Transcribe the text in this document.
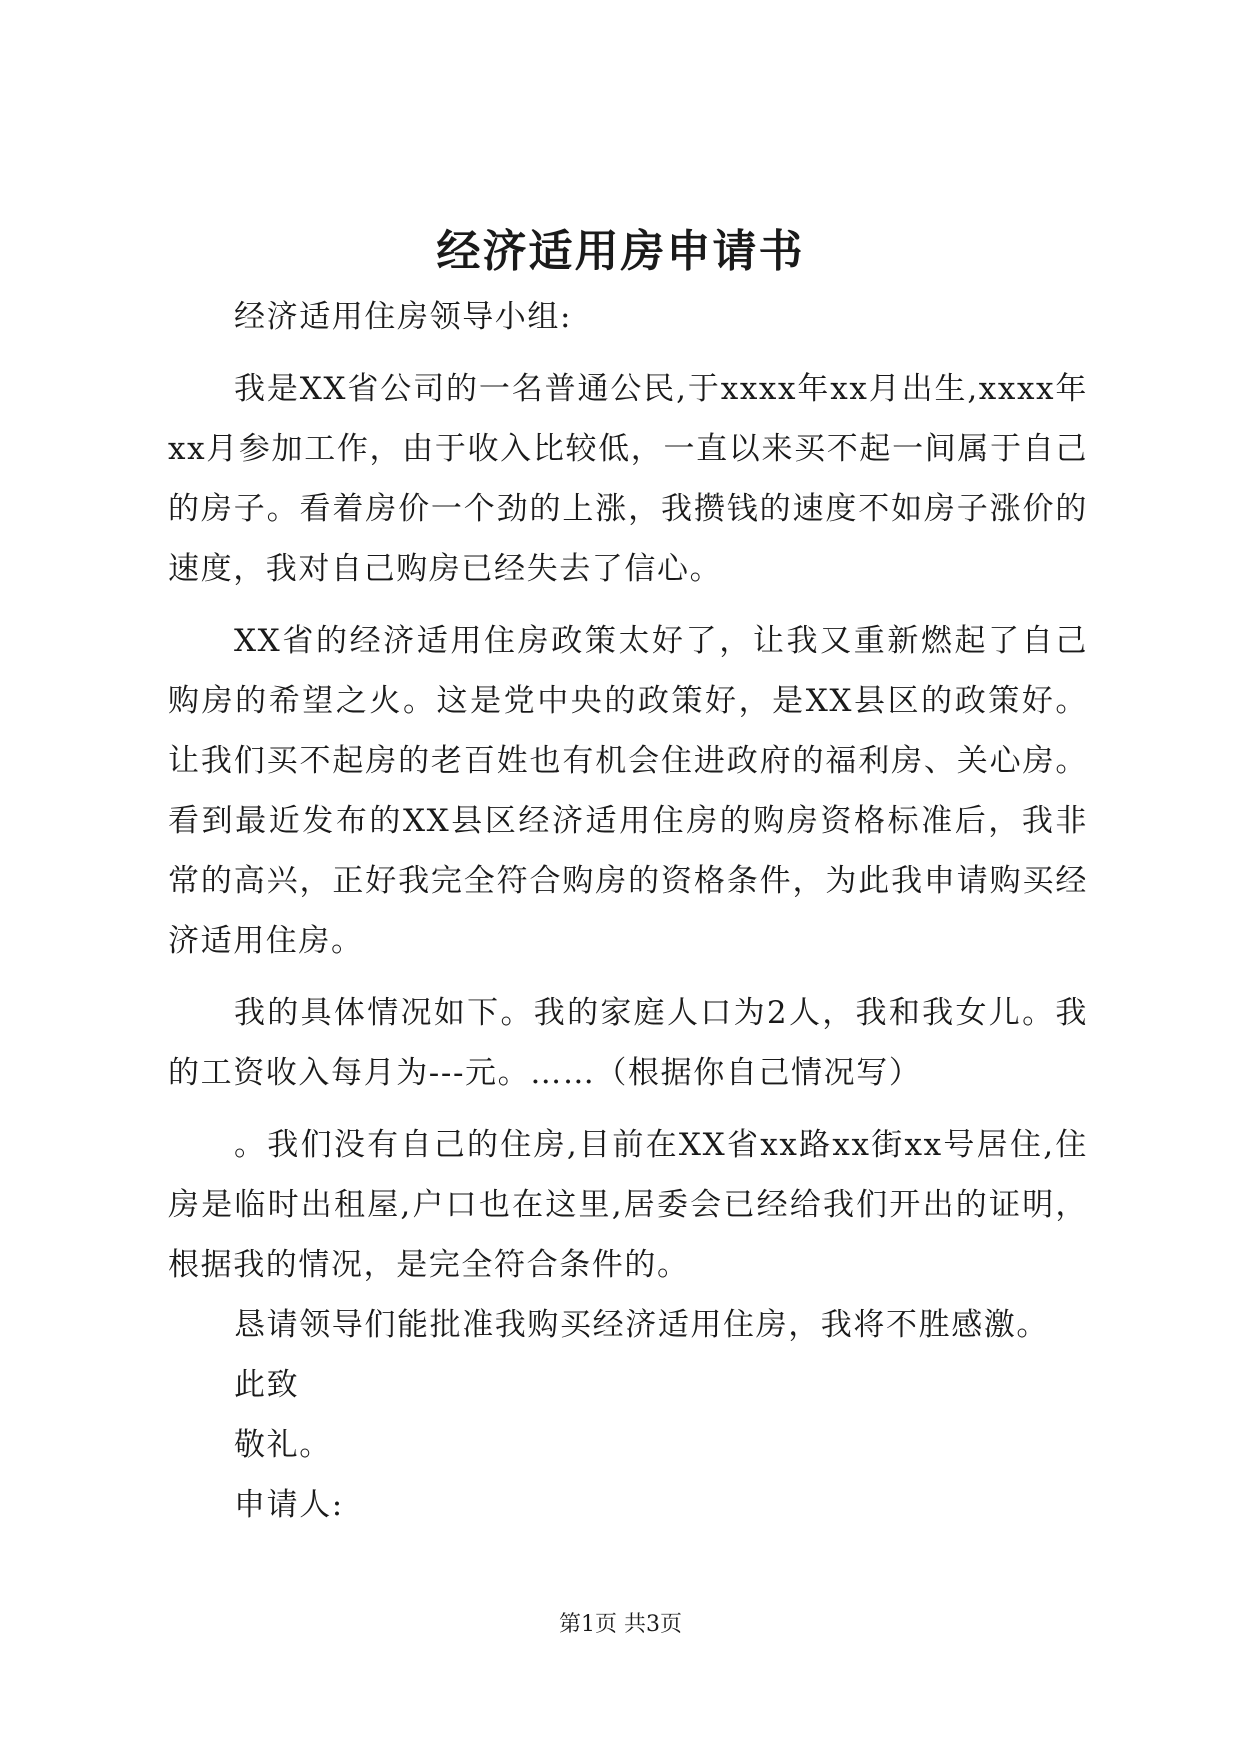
经济适用房申请书

经济适用住房领导小组:

我是XX省公司的一名普通公民,于xxxx年xx月出生,xxxx年xx月参加工作，由于收入比较低，一直以来买不起一间属于自己的房子。看着房价一个劲的上涨，我攒钱的速度不如房子涨价的速度，我对自己购房已经失去了信心。

XX省的经济适用住房政策太好了，让我又重新燃起了自己购房的希望之火。这是党中央的政策好，是XX县区的政策好。让我们买不起房的老百姓也有机会住进政府的福利房、关心房。看到最近发布的XX县区经济适用住房的购房资格标准后，我非常的高兴，正好我完全符合购房的资格条件，为此我申请购买经济适用住房。

我的具体情况如下。我的家庭人口为2人，我和我女儿。我的工资收入每月为---元。……（根据你自己情况写）

。我们没有自己的住房,目前在XX省xx路xx街xx号居住,住房是临时出租屋,户口也在这里,居委会已经给我们开出的证明，根据我的情况，是完全符合条件的。

恳请领导们能批准我购买经济适用住房，我将不胜感激。

此致

敬礼。

申请人:

第1页 共3页
